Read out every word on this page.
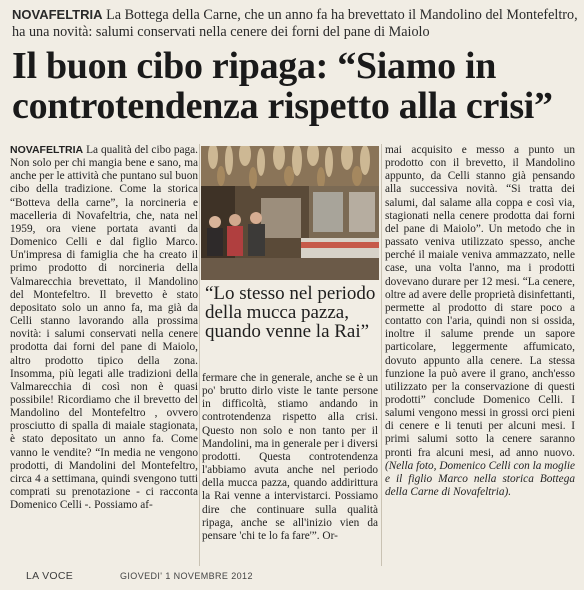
NOVAFELTRIA La Bottega della Carne, che un anno fa ha brevettato il Mandolino del Montefeltro, ha una novità: salumi conservati nella cenere dei forni del pane di Maiolo

Il buon cibo ripaga: “Siamo in
controtendenza rispetto alla crisi”

NOVAFELTRIA La qualità del cibo paga. Non solo per chi mangia bene e sano, ma anche per le attività che puntano sul buon cibo della tradizione. Come la storica “Botteva della carne”, la norcineria e macelleria di Novafeltria, che, nata nel 1959, ora viene portata avanti da Domenico Celli e dal figlio Marco. Un'impresa di famiglia che ha creato il primo prodotto di norcineria della Valmarecchia brevettato, il Mandolino del Montefeltro. Il brevetto è stato depositato solo un anno fa, ma già da Celli stanno lavorando alla prossima novità: i salumi conservati nella cenere prodotta dai forni del pane di Maiolo, altro prodotto tipico della zona. Insomma, più legati alle tradizioni della Valmarecchia di così non è quasi possibile! Ricordiamo che il brevetto del Mandolino del Montefeltro , ovvero prosciutto di spalla di maiale stagionata, è stato depositato un anno fa. Come vanno le vendite? “In media ne vengono prodotti, di Mandolini del Montefeltro, circa 4 a settimana, quindi svengono tutti comprati su prenotazione - ci racconta Domenico Celli -. Possiamo af-

“Lo stesso nel periodo della mucca pazza, quando venne la Rai”

fermare che in generale, anche se è un po' brutto dirlo viste le tante persone in difficoltà, stiamo andando in controtendenza rispetto alla crisi. Questo non solo e non tanto per il Mandolini, ma in generale per i diversi prodotti. Questa controtendenza l'abbiamo avuta anche nel periodo della mucca pazza, quando addirittura la Rai venne a intervistarci. Possiamo dire che continuare sulla qualità ripaga, anche se all'inizio vien da pensare 'chi te lo fa fare'”. Or-

mai acquisito e messo a punto un prodotto con il brevetto, il Mandolino appunto, da Celli stanno già pensando alla successiva novità. “Si tratta dei salumi, dal salame alla coppa e così via, stagionati nella cenere prodotta dai forni del pane di Maiolo”. Un metodo che in passato veniva utilizzato spesso, anche perché il maiale veniva ammazzato, nelle case, una volta l'anno, ma i prodotti dovevano durare per 12 mesi. “La cenere, oltre ad avere delle proprietà disinfettanti, permette al prodotto di stare poco a contatto con l'aria, quindi non si ossida, inoltre il salume prende un sapore particolare, leggermente affumicato, dovuto appunto alla cenere. La stessa funzione la può avere il grano, anch'esso utilizzato per la conservazione di questi prodotti” conclude Domenico Celli. I salumi vengono messi in grossi orci pieni di cenere e li tenuti per alcuni mesi. I primi salumi sotto la cenere saranno pronti fra alcuni mesi, ad anno nuovo. (Nella foto, Domenico Celli con la moglie e il figlio Marco nella storica Bottega della Carne di Novafeltria).

LA VOCE	GIOVEDI' 1 NOVEMBRE 2012
